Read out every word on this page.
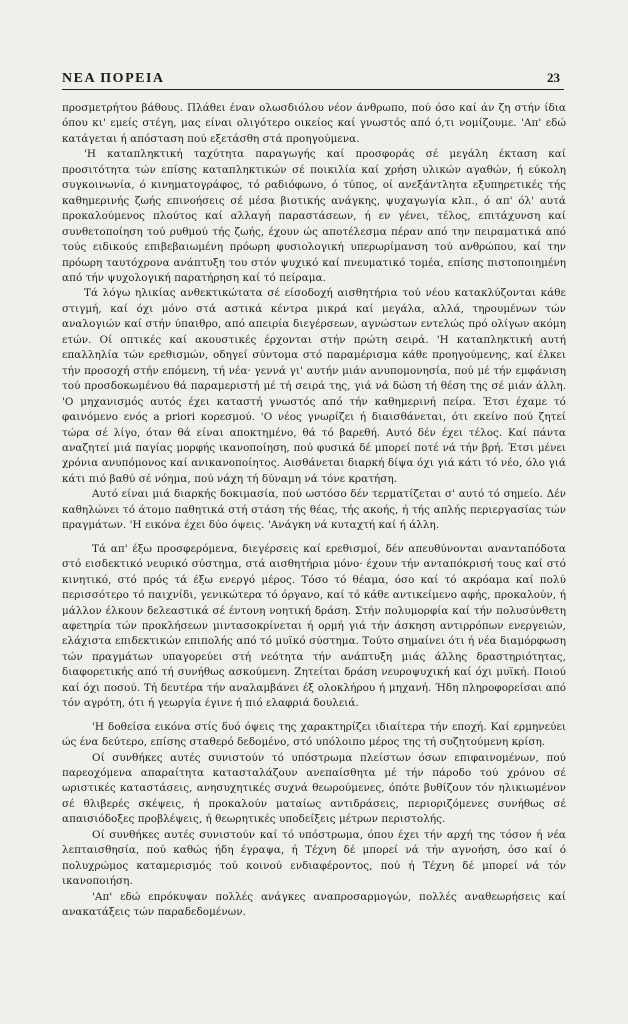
ΝΕΑ ΠΟΡΕΙΑ	23

προσμετρήτου βάθους. Πλάθει έναν ολωσδιόλου νέον άνθρωπο, πού όσο καί άν ζη στήν ίδια όπου κι' εμείς στέγη, μας είναι ολιγότερο οικείος καί γνωστός από ό,τι νομίζουμε. 'Απ' εδώ κατάγεται ή απόσταση πού εξετάσθη στά προηγούμενα.

'Η καταπληκτική ταχύτητα παραγωγής καί προσφοράς σέ μεγάλη έκταση καί προσιτότητα τών επίσης καταπληκτικών σέ ποικιλία καί χρήση υλικών αγαθών, ή εύκολη συγκοινωνία, ό κινηματογράφος, τό ραδιόφωνο, ό τύπος, οί ανεξάντλητα εξυπηρετικές τής καθημερινής ζωής επινοήσεις σέ μέσα βιοτικής ανάγκης, ψυχαγωγία κλπ., ό απ' όλ' αυτά προκαλούμενος πλούτος καί αλλαγή παραστάσεων, ή εν γένει, τέλος, επιτάχυνση καί συνθετοποίηση τού ρυθμού τής ζωής, έχουν ώς αποτέλεσμα πέραν από την πειραματικά από τούς ειδικούς επιβεβαιωμένη πρόωρη φυσιολογική υπερωρίμανση τού ανθρώπου, καί την πρόωρη ταυτόχρονα ανάπτυξη του στόν ψυχικό καί πνευματικό τομέα, επίσης πιστοποιημένη από τήν ψυχολογική παρατήρηση καί τό πείραμα.

Τά λόγω ηλικίας ανθεκτικώτατα σέ είσοδοχή αισθητήρια τού νέου κατακλύζονται κάθε στιγμή, καί όχι μόνο στά αστικά κέντρα μικρά καί μεγάλα, αλλά, τηρουμένων τών αναλογιών καί στήν ύπαιθρο, από απειρία διεγέρσεων, αγνώστων εντελώς πρό ολίγων ακόμη ετών. Οί οπτικές καί ακουστικές έρχονται στήν πρώτη σειρά. 'Η καταπληκτική αυτή επαλληλία τών ερεθισμών, οδηγεί σύντομα στό παραμέρισμα κάθε προηγούμενης, καί έλκει τήν προσοχή στήν επόμενη, τή νέα· γεννά γι' αυτήν μιάν ανυπομονησία, πού μέ τήν εμφάνιση τού προσδοκωμένου θά παραμεριστή μέ τή σειρά της, γιά νά δώση τή θέση της σέ μιάν άλλη. 'Ο μηχανισμός αυτός έχει καταστή γνωστός από τήν καθημερινή πείρα. Έτσι έχαμε τό φαινόμενο ενός a priori κορεσμού. 'Ο νέος γνωρίζει ή διαισθάνεται, ότι εκείνο πού ζητεί τώρα σέ λίγο, όταν θά είναι αποκτημένο, θά τό βαρεθή. Αυτό δέν έχει τέλος. Καί πάντα αναζητεί μιά παγίας μορφής ικανοποίηση, πού φυσικά δέ μπορεί ποτέ νά τήν βρή. Έτσι μένει χρόνια ανυπόμονος καί ανικανοποίητος. Αισθάνεται διαρκή δίψα όχι γιά κάτι τό νέο, όλο γιά κάτι πιό βαθύ σέ νόημα, πού νάχη τή δύναμη νά τόνε κρατήση.

Αυτό είναι μιά διαρκής δοκιμασία, πού ωστόσο δέν τερματίζεται σ' αυτό τό σημείο. Δέν καθηλώνει τό άτομο παθητικά στή στάση τής θέας, τής ακοής, ή τής απλής περιεργασίας τών πραγμάτων. 'Η εικόνα έχει δύο όψεις. 'Ανάγκη νά κυταχτή καί ή άλλη.

Τά απ' έξω προσφερόμενα, διεγέρσεις καί ερεθισμοί, δέν απευθύνονται ανανταπόδοτα στό εισδεκτικό νευρικό σύστημα, στά αισθητήρια μόνο· έχουν τήν ανταπόκρισή τους καί στό κινητικό, στό πρός τά έξω ενεργό μέρος. Τόσο τό θέαμα, όσο καί τό ακρόαμα καί πολύ περισσότερο τό παιχνίδι, γενικώτερα τό όργανο, καί τό κάθε αντικείμενο αφής, προκαλούν, ή μάλλον έλκουν δελεαστικά σέ έντονη νοητική δράση. Στήν πολυμορφία καί τήν πολυσύνθετη αφετηρία τών προκλήσεων μιντασοκρίνεται ή ορμή γιά τήν άσκηση αντιρρόπων ενεργειών, ελάχιστα επιδεκτικών επιπολής από τό μυϊκό σύστημα. Τούτο σημαίνει ότι ή νέα διαμόρφωση τών πραγμάτων υπαγορεύει στή νεότητα τήν ανάπτυξη μιάς άλλης δραστηριότητας, διαφορετικής από τή συνήθως ασκούμενη. Ζητείται δράση νευροψυχική καί όχι μυϊκή. Ποιού καί όχι ποσού. Τή δευτέρα τήν αναλαμβάνει έξ ολοκλήρου ή μηχανή. Ήδη πληροφορείσαι από τόν αγρότη, ότι ή γεωργία έγινε ή πιό ελαφριά δουλειά.

'Η δοθείσα εικόνα στίς δυό όψεις της χαρακτηρίζει ιδιαίτερα τήν εποχή. Καί ερμηνεύει ώς ένα δεύτερο, επίσης σταθερό δεδομένο, στό υπόλοιπο μέρος της τή συζητούμενη κρίση.

Οί συνθήκες αυτές συνιστούν τό υπόστρωμα πλείστων όσων επιφαινομένων, πού παρεοχόμενα απαραίτητα κατασταλάζουν ανεπαίσθητα μέ τήν πάροδο τού χρόνου σέ ωριστικές καταστάσεις, ανησυχητικές συχνά θεωρούμενες, όπότε βυθίζουν τόν ηλικιωμένον σέ θλιβερές σκέψεις, ή προκαλούν ματαίως αντιδράσεις, περιοριζόμενες συνήθως σέ απαισιόδοξες προβλέψεις, ή θεωρητικές υποδείξεις μέτρων περιστολής.

Οί συνθήκες αυτές συνιστούν καί τό υπόστρωμα, όπου έχει τήν αρχή της τόσον ή νέα λεπταισθησία, πού καθώς ήδη έγραψα, ή Τέχνη δέ μπορεί νά τήν αγνοήση, όσο καί ό πολυχρώμος καταμερισμός τού κοινού ενδιαφέροντος, πού ή Τέχνη δέ μπορεί νά τόν ικανοποιήση.

'Απ' εδώ επρόκυψαν πολλές ανάγκες αναπροσαρμογών, πολλές αναθεωρήσεις καί ανακατάξεις τών παραδεδομένων.
